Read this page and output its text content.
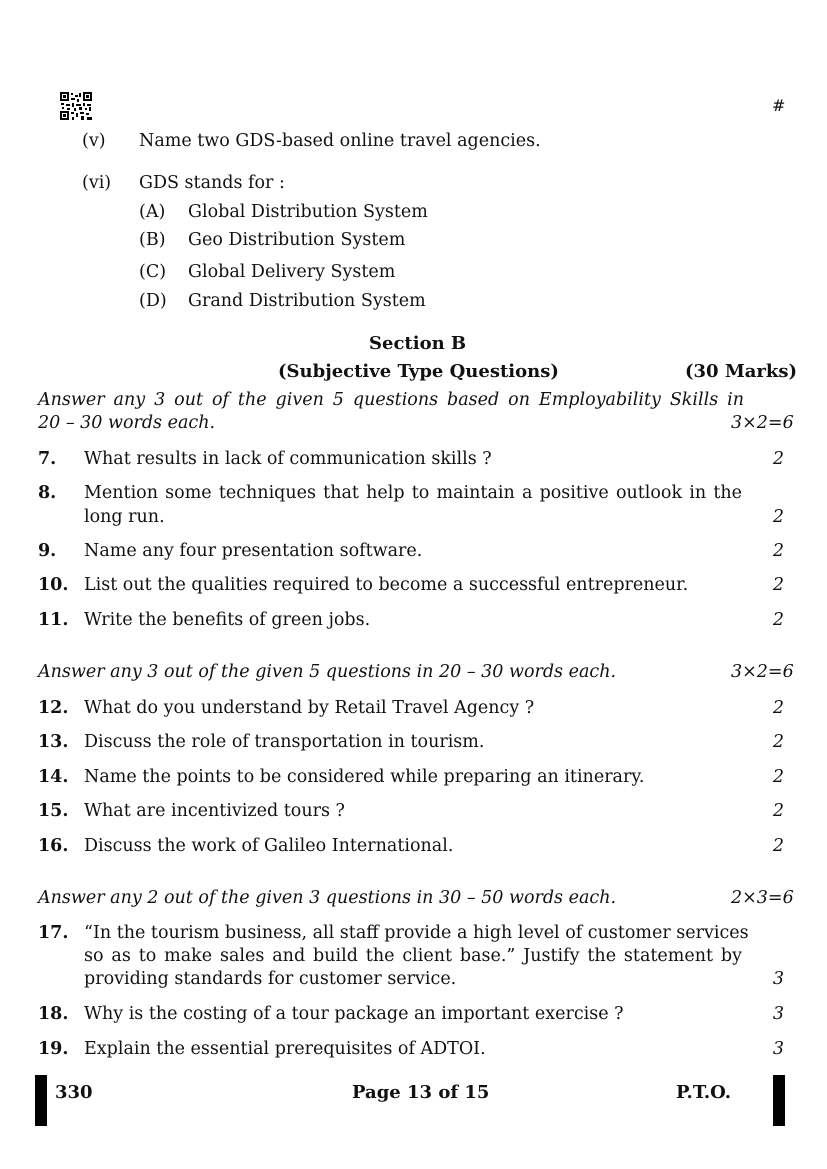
#
(v) Name two GDS-based online travel agencies.
(vi) GDS stands for :
(A) Global Distribution System
(B) Geo Distribution System
(C) Global Delivery System
(D) Grand Distribution System
Section B
(Subjective Type Questions)	(30 Marks)
Answer any 3 out of the given 5 questions based on Employability Skills in
20 – 30 words each.	3×2=6
7. What results in lack of communication skills ?	2
8. Mention some techniques that help to maintain a positive outlook in the
long run.	2
9. Name any four presentation software.	2
10. List out the qualities required to become a successful entrepreneur.	2
11. Write the benefits of green jobs.	2
Answer any 3 out of the given 5 questions in 20 – 30 words each.	3×2=6
12. What do you understand by Retail Travel Agency ?	2
13. Discuss the role of transportation in tourism.	2
14. Name the points to be considered while preparing an itinerary.	2
15. What are incentivized tours ?	2
16. Discuss the work of Galileo International.	2
Answer any 2 out of the given 3 questions in 30 – 50 words each.	2×3=6
17. “In the tourism business, all staff provide a high level of customer services
so as to make sales and build the client base.” Justify the statement by
providing standards for customer service.	3
18. Why is the costing of a tour package an important exercise ?	3
19. Explain the essential prerequisites of ADTOI.	3
330	Page 13 of 15	P.T.O.
